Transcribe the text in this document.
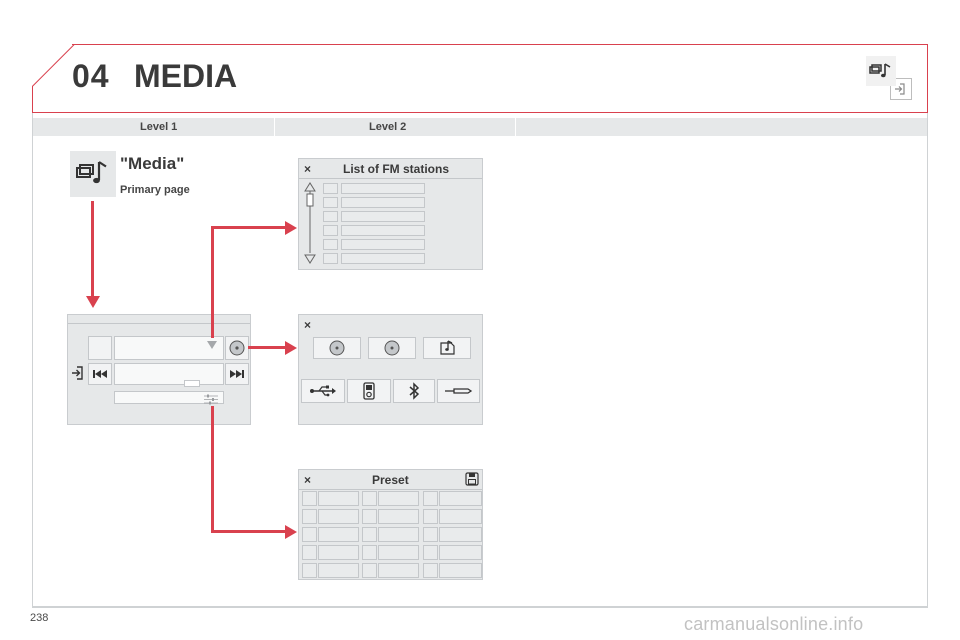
04 MEDIA
Level 1	Level 2
"Media"
Primary page
×	List of FM stations
×
×	Preset
238	carmanualsonline.info
